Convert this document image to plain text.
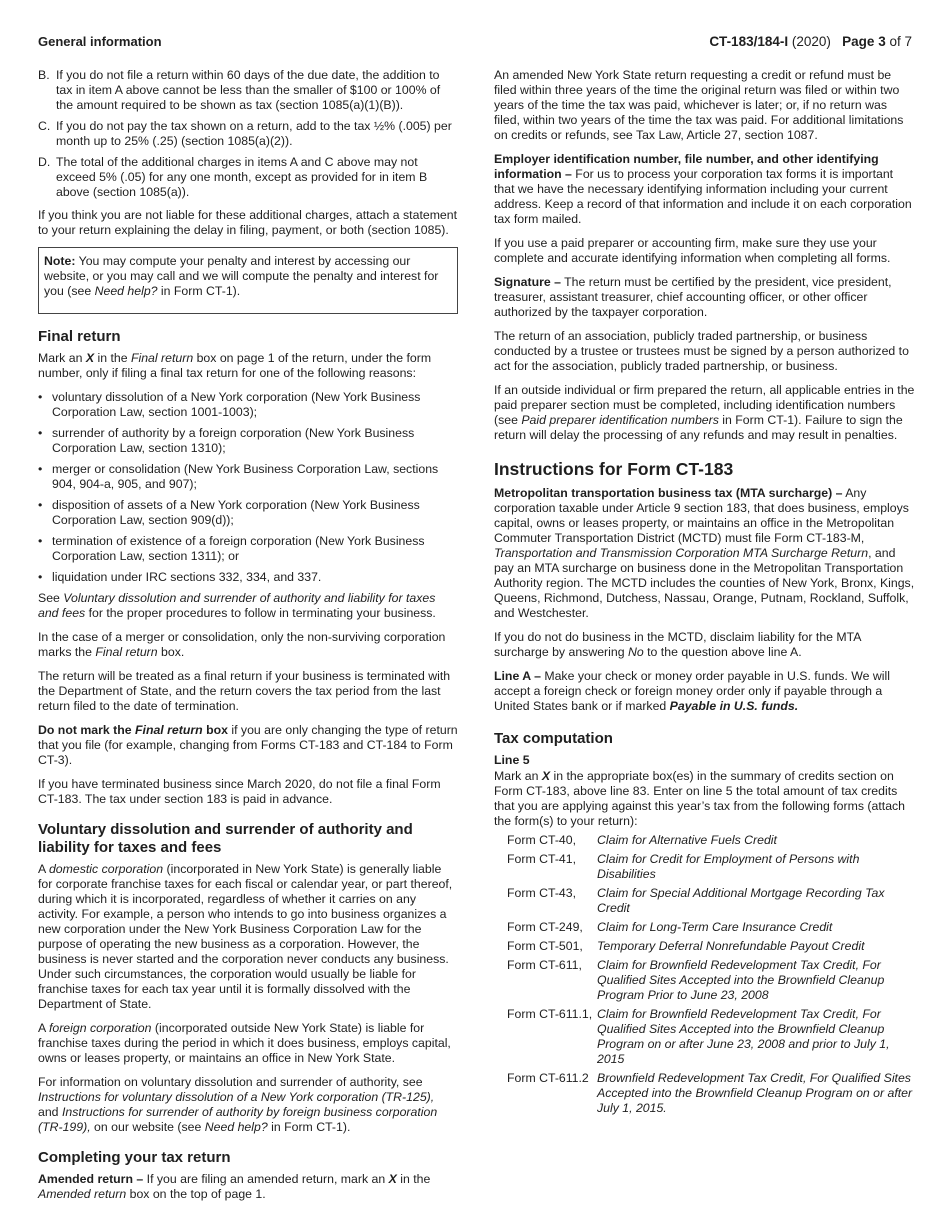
General information	CT-183/184-I (2020) Page 3 of 7
B. If you do not file a return within 60 days of the due date, the addition to tax in item A above cannot be less than the smaller of $100 or 100% of the amount required to be shown as tax (section 1085(a)(1)(B)).
C. If you do not pay the tax shown on a return, add to the tax ½% (.005) per month up to 25% (.25) (section 1085(a)(2)).
D. The total of the additional charges in items A and C above may not exceed 5% (.05) for any one month, except as provided for in item B above (section 1085(a)).

If you think you are not liable for these additional charges, attach a statement to your return explaining the delay in filing, payment, or both (section 1085).

Note: You may compute your penalty and interest by accessing our website, or you may call and we will compute the penalty and interest for you (see Need help? in Form CT-1).
Final return

Mark an X in the Final return box on page 1 of the return, under the form number, only if filing a final tax return for one of the following reasons:

• voluntary dissolution of a New York corporation (New York Business Corporation Law, section 1001-1003);
• surrender of authority by a foreign corporation (New York Business Corporation Law, section 1310);
• merger or consolidation (New York Business Corporation Law, sections 904, 904-a, 905, and 907);
• disposition of assets of a New York corporation (New York Business Corporation Law, section 909(d));
• termination of existence of a foreign corporation (New York Business Corporation Law, section 1311); or
• liquidation under IRC sections 332, 334, and 337.

See Voluntary dissolution and surrender of authority and liability for taxes and fees for the proper procedures to follow in terminating your business.

In the case of a merger or consolidation, only the non-surviving corporation marks the Final return box.

The return will be treated as a final return if your business is terminated with the Department of State, and the return covers the tax period from the last return filed to the date of termination.

Do not mark the Final return box if you are only changing the type of return that you file (for example, changing from Forms CT-183 and CT-184 to Form CT-3).

If you have terminated business since March 2020, do not file a final Form CT-183. The tax under section 183 is paid in advance.

Voluntary dissolution and surrender of authority and liability for taxes and fees

A domestic corporation (incorporated in New York State) is generally liable for corporate franchise taxes for each fiscal or calendar year, or part thereof, during which it is incorporated, regardless of whether it carries on any activity. For example, a person who intends to go into business organizes a new corporation under the New York Business Corporation Law for the purpose of operating the new business as a corporation. However, the business is never started and the corporation never conducts any business. Under such circumstances, the corporation would usually be liable for franchise taxes for each tax year until it is formally dissolved with the Department of State.

A foreign corporation (incorporated outside New York State) is liable for franchise taxes during the period in which it does business, employs capital, owns or leases property, or maintains an office in New York State.

For information on voluntary dissolution and surrender of authority, see Instructions for voluntary dissolution of a New York corporation (TR-125), and Instructions for surrender of authority by foreign business corporation (TR-199), on our website (see Need help? in Form CT-1).

Completing your tax return

Amended return – If you are filing an amended return, mark an X in the Amended return box on the top of page 1.

An amended New York State return requesting a credit or refund must be filed within three years of the time the original return was filed or within two years of the time the tax was paid, whichever is later; or, if no return was filed, within two years of the time the tax was paid. For additional limitations on credits or refunds, see Tax Law, Article 27, section 1087.

Employer identification number, file number, and other identifying information – For us to process your corporation tax forms it is important that we have the necessary identifying information including your current address. Keep a record of that information and include it on each corporation tax form mailed.

If you use a paid preparer or accounting firm, make sure they use your complete and accurate identifying information when completing all forms.

Signature – The return must be certified by the president, vice president, treasurer, assistant treasurer, chief accounting officer, or other officer authorized by the taxpayer corporation.

The return of an association, publicly traded partnership, or business conducted by a trustee or trustees must be signed by a person authorized to act for the association, publicly traded partnership, or business.

If an outside individual or firm prepared the return, all applicable entries in the paid preparer section must be completed, including identification numbers (see Paid preparer identification numbers in Form CT-1). Failure to sign the return will delay the processing of any refunds and may result in penalties.

Instructions for Form CT-183

Metropolitan transportation business tax (MTA surcharge) – Any corporation taxable under Article 9 section 183, that does business, employs capital, owns or leases property, or maintains an office in the Metropolitan Commuter Transportation District (MCTD) must file Form CT-183-M, Transportation and Transmission Corporation MTA Surcharge Return, and pay an MTA surcharge on business done in the Metropolitan Transportation Authority region. The MCTD includes the counties of New York, Bronx, Kings, Queens, Richmond, Dutchess, Nassau, Orange, Putnam, Rockland, Suffolk, and Westchester.

If you do not do business in the MCTD, disclaim liability for the MTA surcharge by answering No to the question above line A.

Line A – Make your check or money order payable in U.S. funds. We will accept a foreign check or foreign money order only if payable through a United States bank or if marked Payable in U.S. funds.

Tax computation
Line 5

Mark an X in the appropriate box(es) in the summary of credits section on Form CT-183, above line 83. Enter on line 5 the total amount of tax credits that you are applying against this year’s tax from the following forms (attach the form(s) to your return):

Form CT-40,	Claim for Alternative Fuels Credit
Form CT-41,	Claim for Credit for Employment of Persons with Disabilities
Form CT-43,	Claim for Special Additional Mortgage Recording Tax Credit
Form CT-249,	Claim for Long-Term Care Insurance Credit
Form CT-501,	Temporary Deferral Nonrefundable Payout Credit
Form CT-611,	Claim for Brownfield Redevelopment Tax Credit, For Qualified Sites Accepted into the Brownfield Cleanup Program Prior to June 23, 2008
Form CT-611.1, Claim for Brownfield Redevelopment Tax Credit, For Qualified Sites Accepted into the Brownfield Cleanup Program on or after June 23, 2008 and prior to July 1, 2015
Form CT-611.2 Brownfield Redevelopment Tax Credit, For Qualified Sites Accepted into the Brownfield Cleanup Program on or after July 1, 2015.
